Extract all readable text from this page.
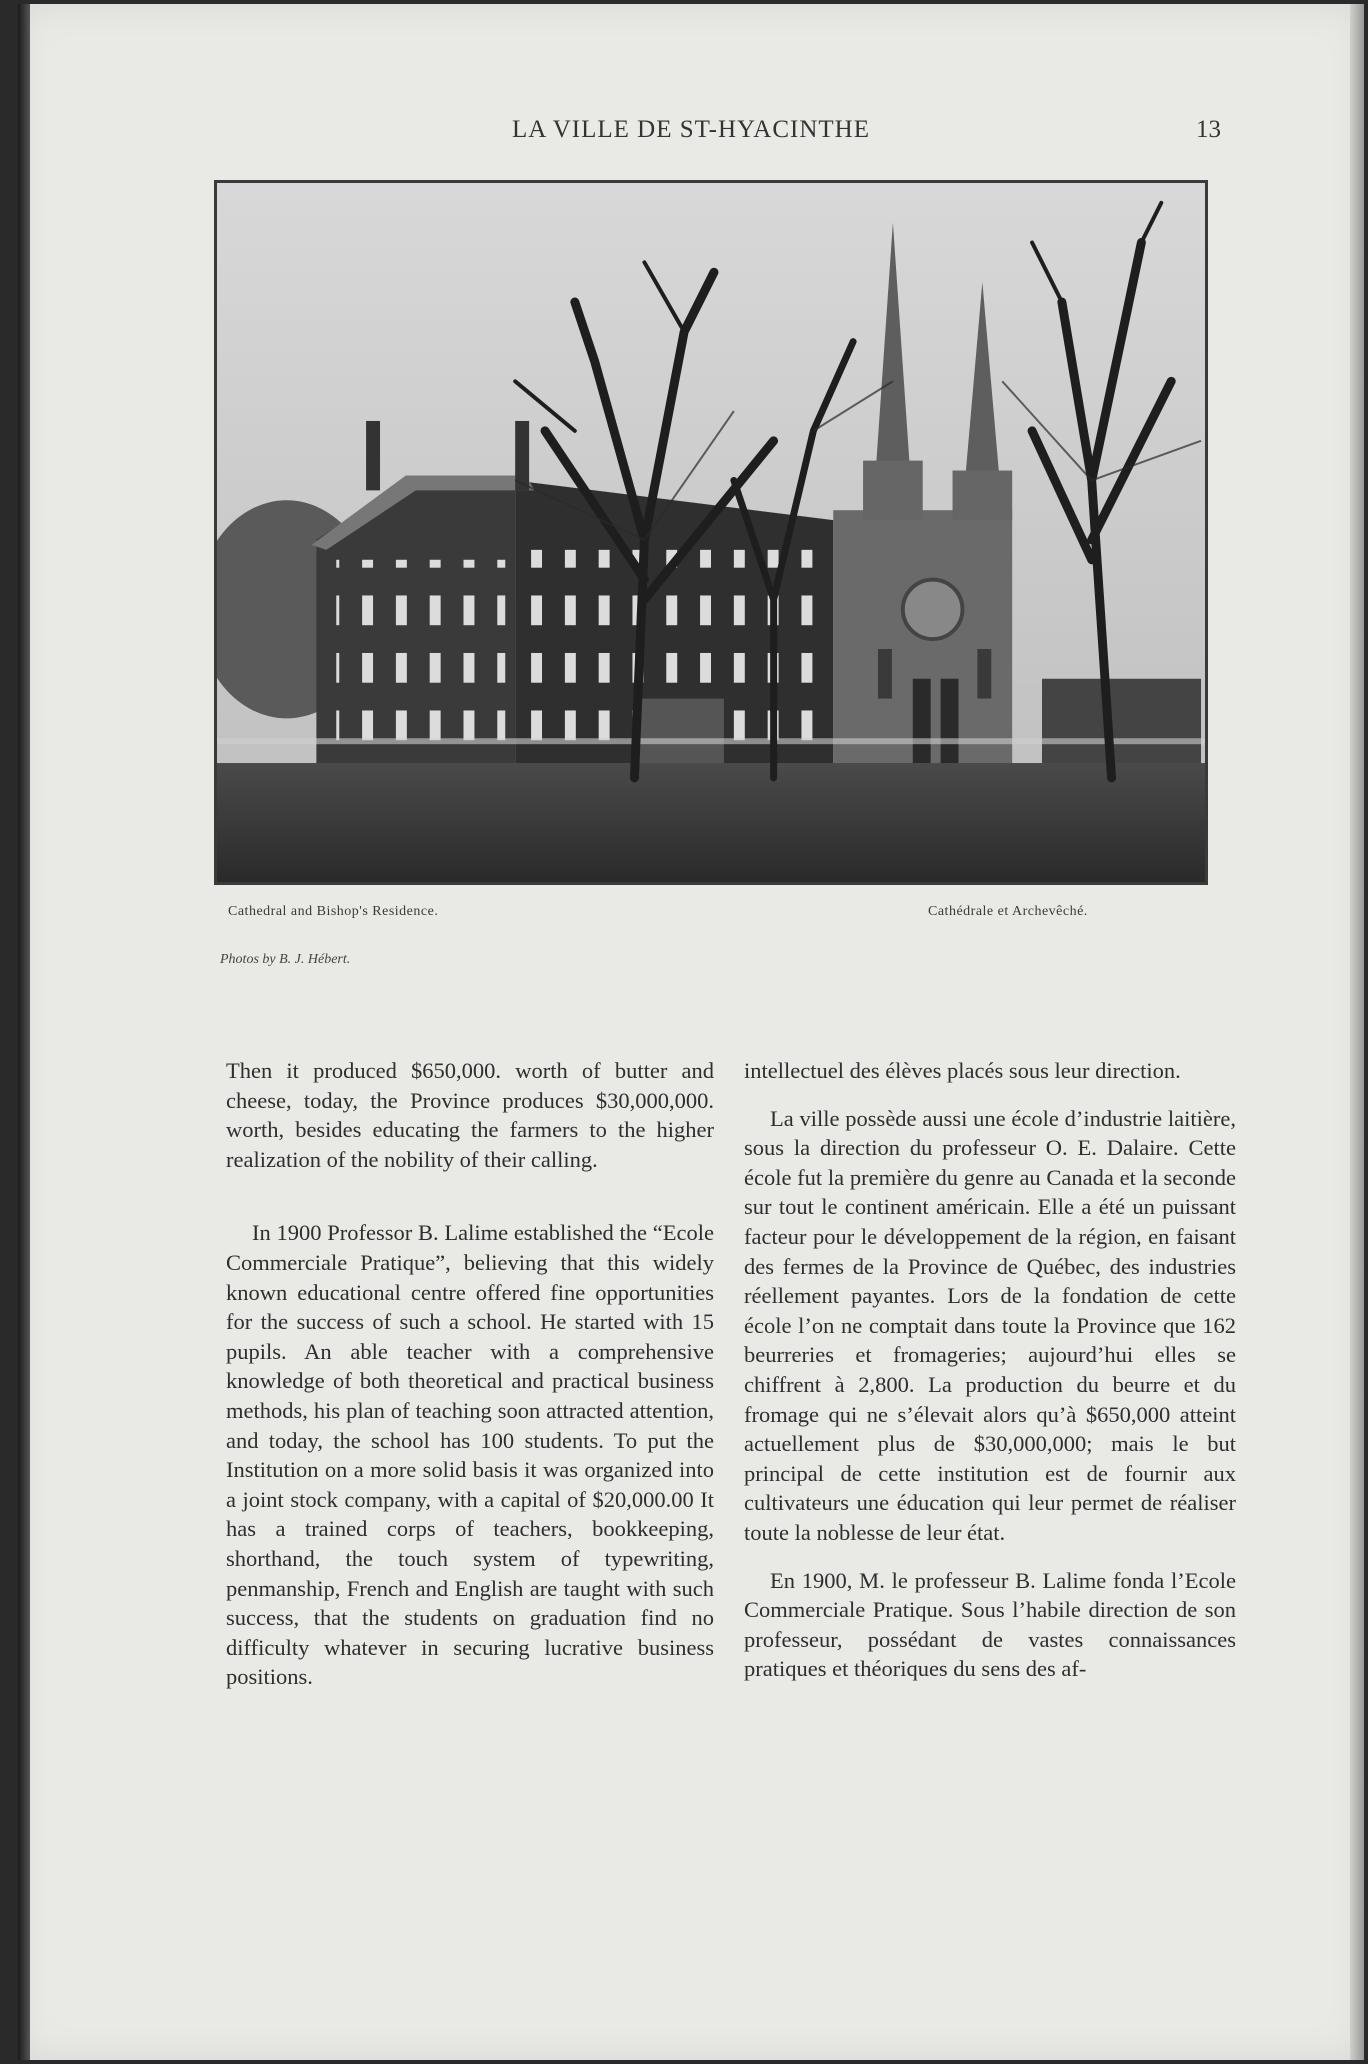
LA VILLE DE ST-HYACINTHE	13
Cathedral and Bishop's Residence.	Cathédrale et Archevêché.
Photos by B. J. Hébert.

Then it produced $650,000. worth of butter and cheese, today, the Province produces $30,000,000. worth, besides educating the farmers to the higher realization of the nobility of their calling.

In 1900 Professor B. Lalime established the “Ecole Commerciale Pratique”, believing that this widely known educational centre offered fine opportunities for the success of such a school. He started with 15 pupils. An able teacher with a comprehensive knowledge of both theoretical and practical business methods, his plan of teaching soon attracted attention, and today, the school has 100 students. To put the Institution on a more solid basis it was organized into a joint stock company, with a capital of $20,000.00 It has a trained corps of teachers, bookkeeping, shorthand, the touch system of typewriting, penmanship, French and English are taught with such success, that the students on graduation find no difficulty whatever in securing lucrative business positions.

intellectuel des élèves placés sous leur direction.

La ville possède aussi une école d’industrie laitière, sous la direction du professeur O. E. Dalaire. Cette école fut la première du genre au Canada et la seconde sur tout le continent américain. Elle a été un puissant facteur pour le développement de la région, en faisant des fermes de la Province de Québec, des industries réellement payantes. Lors de la fondation de cette école l’on ne comptait dans toute la Province que 162 beurreries et fromageries; aujourd’hui elles se chiffrent à 2,800. La production du beurre et du fromage qui ne s’élevait alors qu’à $650,000 atteint actuellement plus de $30,000,000; mais le but principal de cette institution est de fournir aux cultivateurs une éducation qui leur permet de réaliser toute la noblesse de leur état.

En 1900, M. le professeur B. Lalime fonda l’Ecole Commerciale Pratique. Sous l’habile direction de son professeur, possédant de vastes connaissances pratiques et théoriques du sens des af-
